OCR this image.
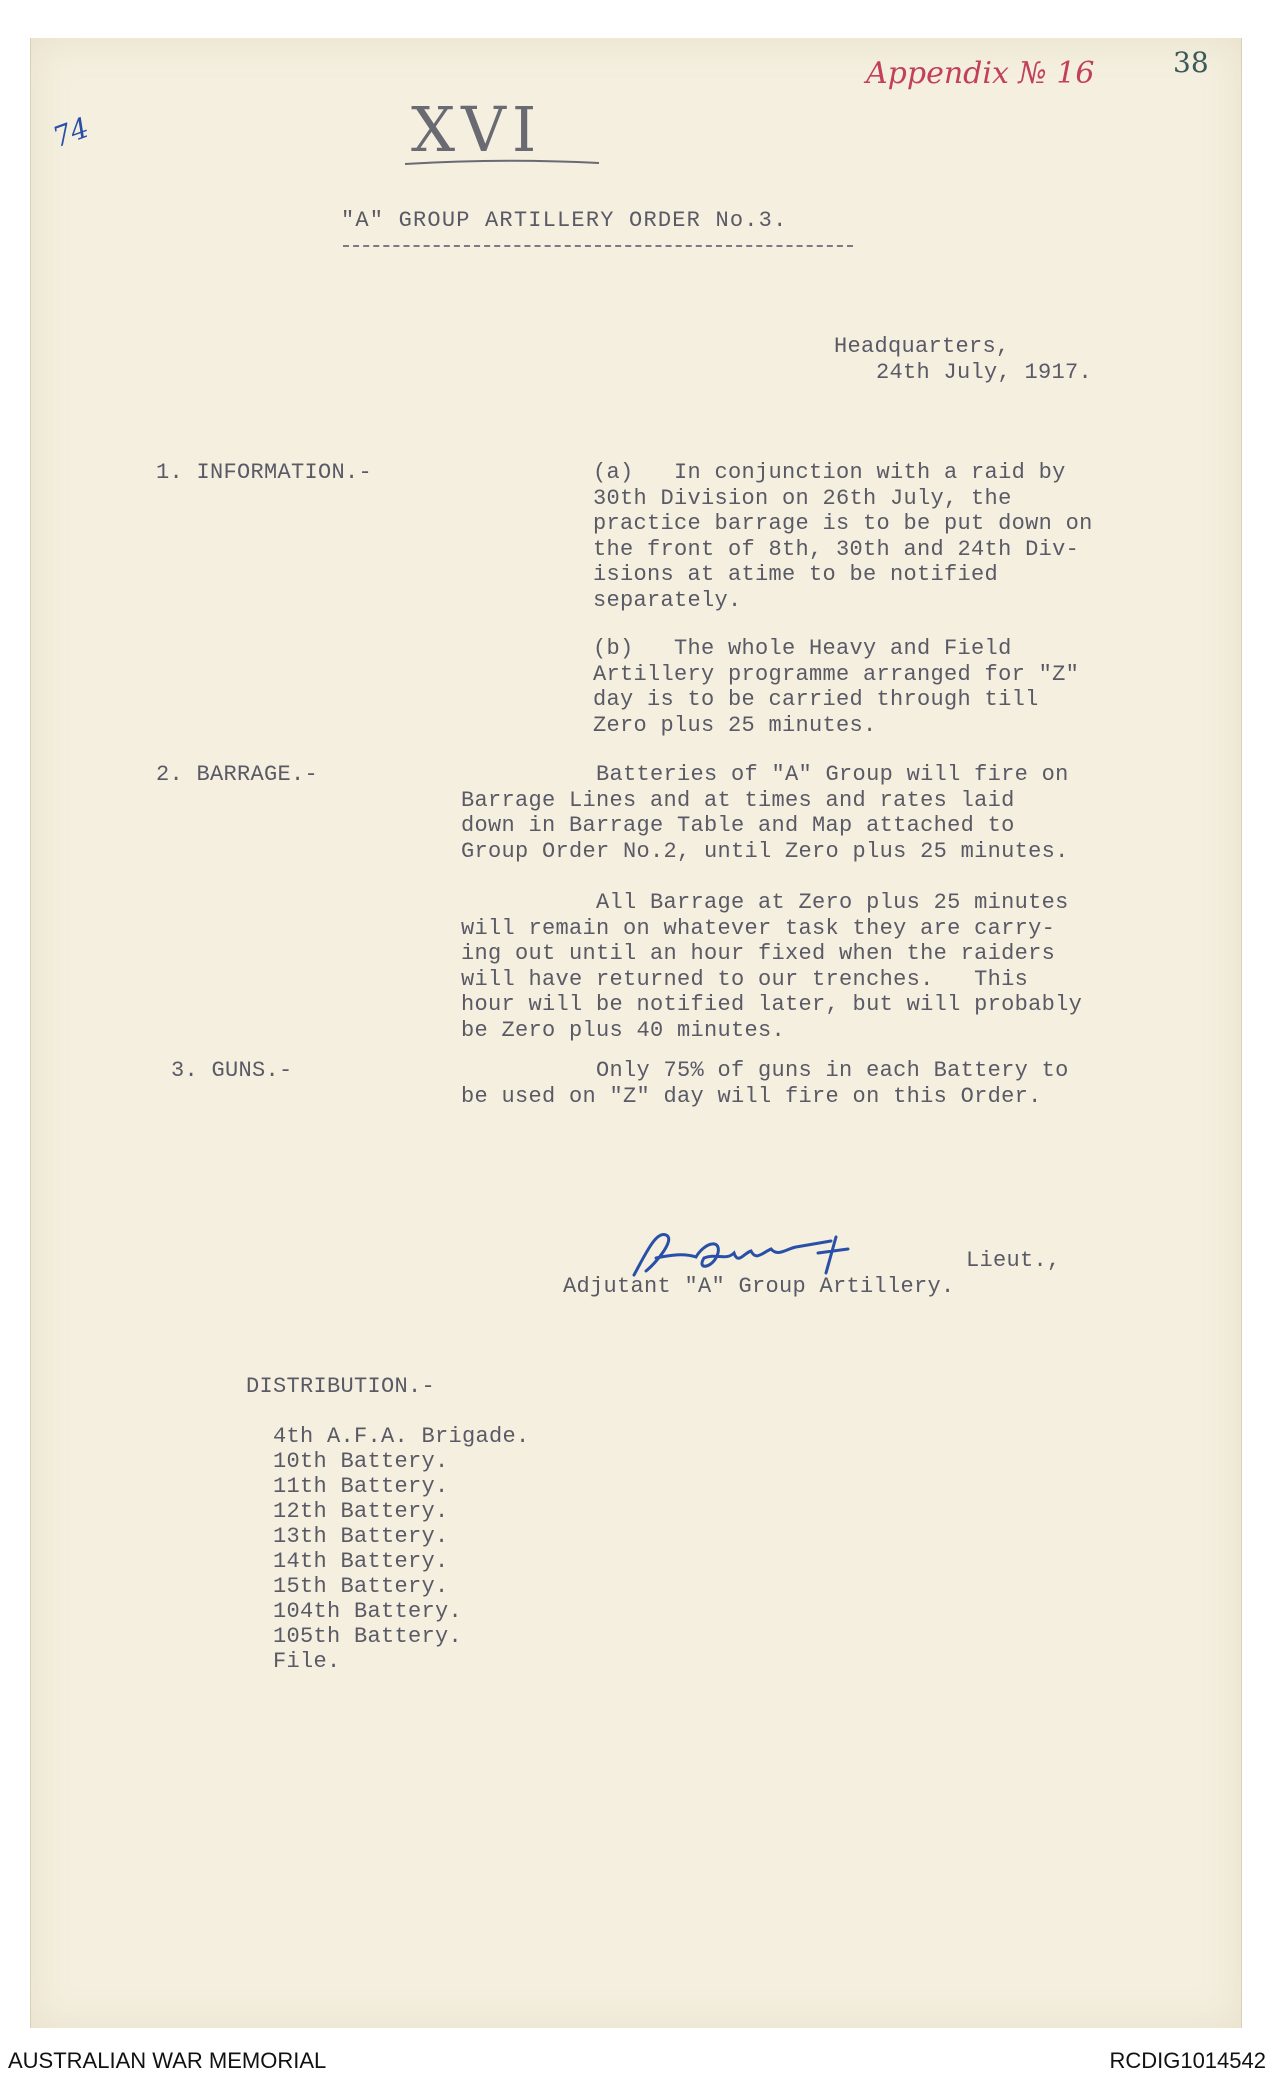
Appendix № 16	38
74	XVI
"A" GROUP ARTILLERY ORDER No.3.
Headquarters,
24th July, 1917.
1. INFORMATION.-	(a)   In conjunction with a raid by
30th Division on 26th July, the
practice barrage is to be put down on
the front of 8th, 30th and 24th Div-
isions at atime to be notified
separately.
(b)   The whole Heavy and Field
Artillery programme arranged for "Z"
day is to be carried through till
Zero plus 25 minutes.
2. BARRAGE.-	Batteries of "A" Group will fire on
Barrage Lines and at times and rates laid
down in Barrage Table and Map attached to
Group Order No.2, until Zero plus 25 minutes.
All Barrage at Zero plus 25 minutes
will remain on whatever task they are carry-
ing out until an hour fixed when the raiders
will have returned to our trenches.   This
hour will be notified later, but will probably
be Zero plus 40 minutes.
3. GUNS.-	Only 75% of guns in each Battery to
be used on "Z" day will fire on this Order.
Lieut.,
Adjutant "A" Group Artillery.
DISTRIBUTION.-
4th A.F.A. Brigade.
10th Battery.
11th Battery.
12th Battery.
13th Battery.
14th Battery.
15th Battery.
104th Battery.
105th Battery.
File.
AUSTRALIAN WAR MEMORIAL	RCDIG1014542
